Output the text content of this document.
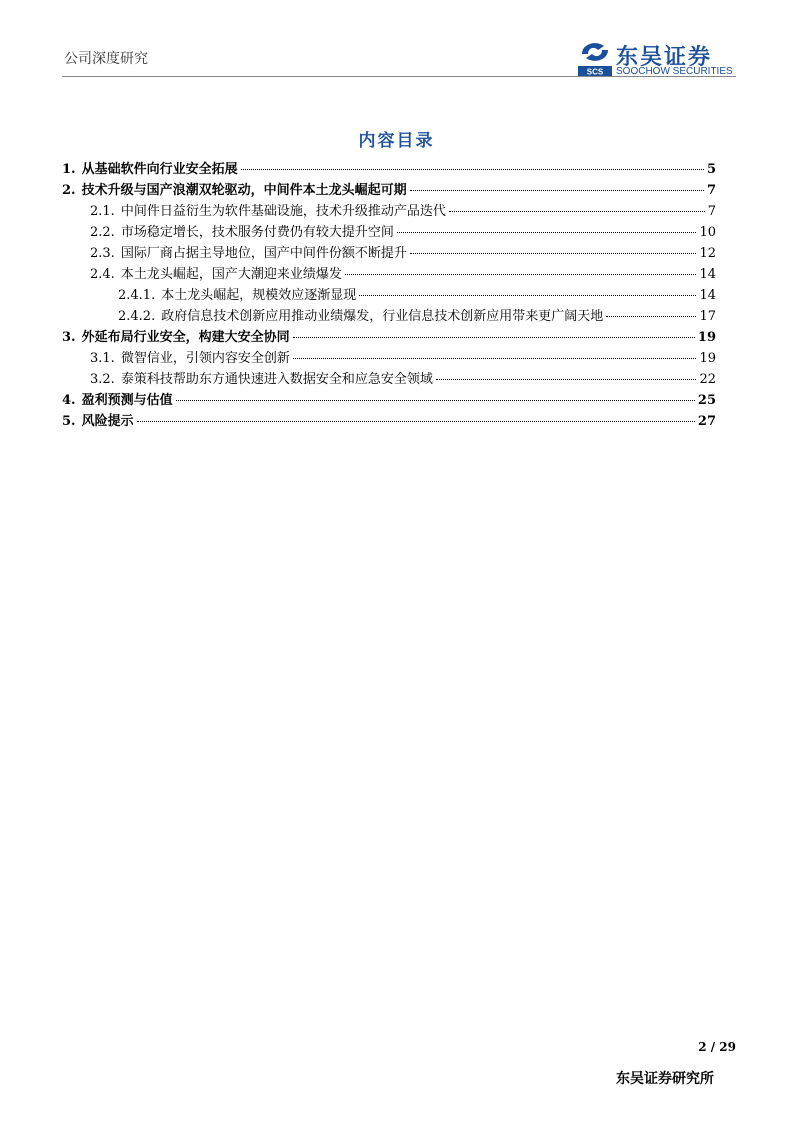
公司深度研究
SCS
东吴证券
SOOCHOW SECURITIES
内容目录
1. 从基础软件向行业安全拓展	5
2. 技术升级与国产浪潮双轮驱动，中间件本土龙头崛起可期	7
2.1. 中间件日益衍生为软件基础设施，技术升级推动产品迭代	7
2.2. 市场稳定增长，技术服务付费仍有较大提升空间	10
2.3. 国际厂商占据主导地位，国产中间件份额不断提升	12
2.4. 本土龙头崛起，国产大潮迎来业绩爆发	14
2.4.1. 本土龙头崛起，规模效应逐渐显现	14
2.4.2. 政府信息技术创新应用推动业绩爆发，行业信息技术创新应用带来更广阔天地	17
3. 外延布局行业安全，构建大安全协同	19
3.1. 微智信业，引领内容安全创新	19
3.2. 泰策科技帮助东方通快速进入数据安全和应急安全领域	22
4. 盈利预测与估值	25
5. 风险提示	27
2 / 29
东吴证券研究所
